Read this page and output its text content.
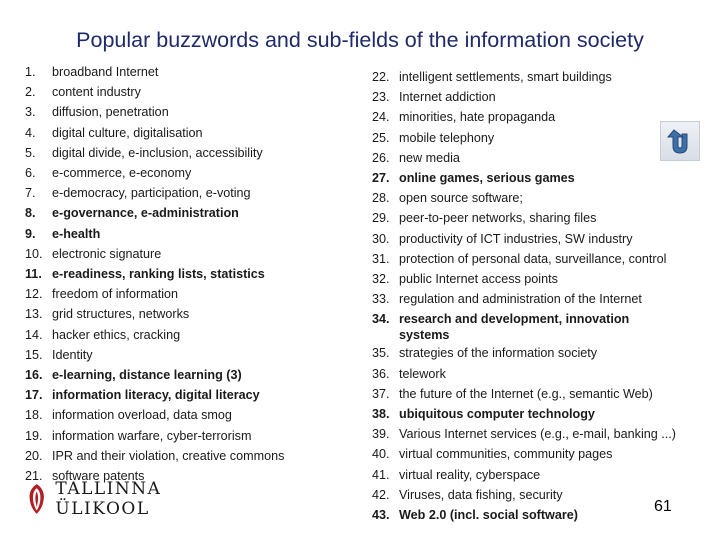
Popular buzzwords and sub-fields of the information society
1.	broadband Internet
2.	content industry
3.	diffusion, penetration
4.	digital culture, digitalisation
5.	digital divide, e-inclusion, accessibility
6.	e-commerce, e-economy
7.	e-democracy, participation, e-voting
8.	e-governance, e-administration
9.	e-health
10. electronic signature
11. e-readiness, ranking lists, statistics
12. freedom of information
13. grid structures, networks
14. hacker ethics, cracking
15. Identity
16. e-learning, distance learning (3)
17. information literacy, digital literacy
18. information overload, data smog
19. information warfare, cyber-terrorism
20. IPR and their violation, creative commons
21. software patents
22. intelligent settlements, smart buildings
23. Internet addiction
24. minorities, hate propaganda
25. mobile telephony
26. new media
27. online games, serious games
28. open source software;
29. peer-to-peer networks, sharing files
30. productivity of ICT industries, SW industry
31. protection of personal data, surveillance, control
32. public Internet access points
33. regulation and administration of the Internet
34. research and development, innovation systems
35. strategies of the information society
36. telework
37. the future of the Internet (e.g., semantic Web)
38. ubiquitous computer technology
39. Various Internet services (e.g., e-mail, banking ...)
40. virtual communities, community pages
41. virtual reality, cyberspace
42. Viruses, data fishing, security
43. Web 2.0 (incl. social software)
TALLINNA ÜLIKOOL	61
